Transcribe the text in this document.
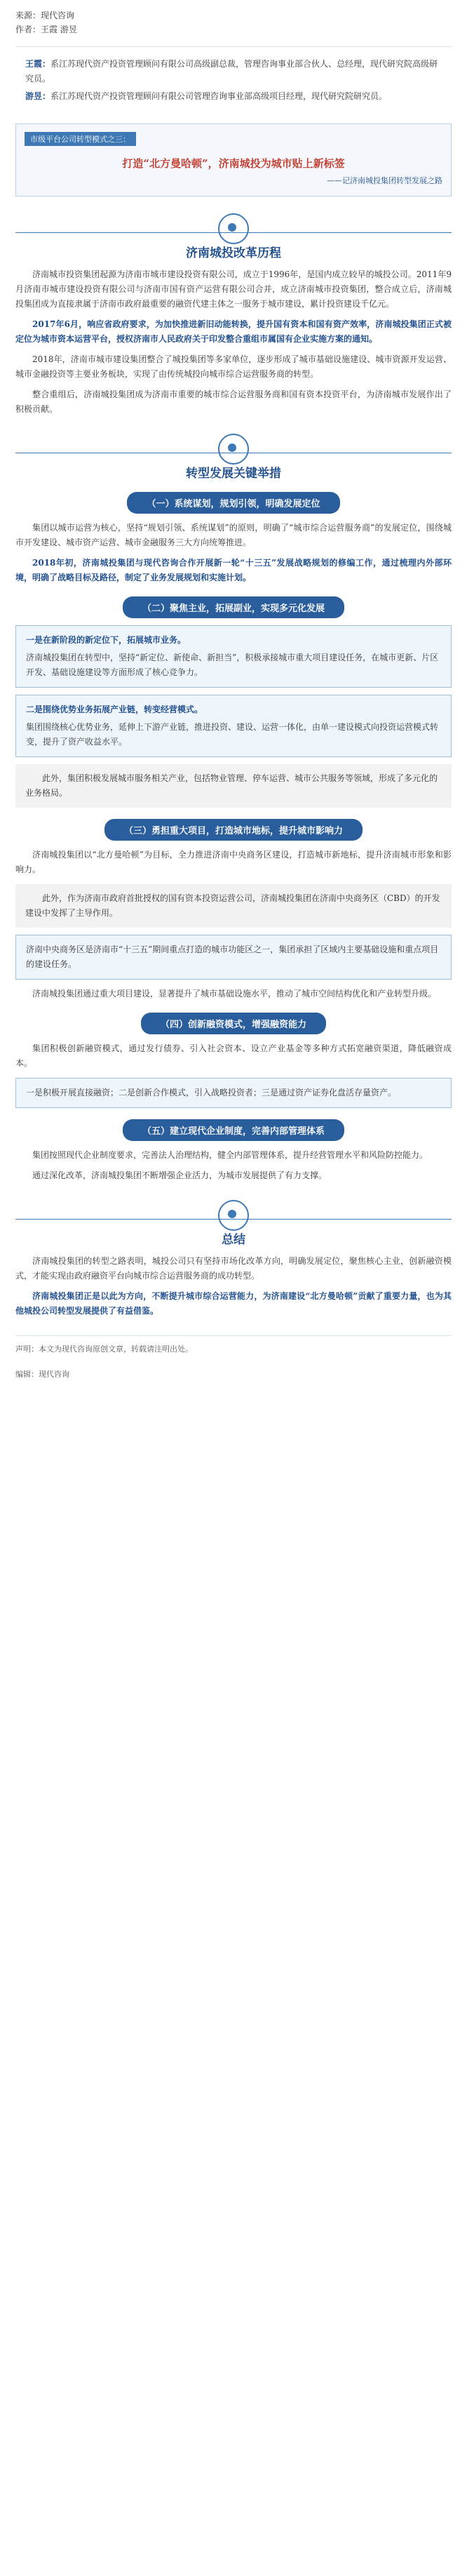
来源：现代咨询
作者：王霞 游昱

王霞：系江苏现代资产投资管理顾问有限公司高级副总裁，管理咨询事业部合伙人、总经理，现代研究院高级研究员。

游昱：系江苏现代资产投资管理顾问有限公司管理咨询事业部高级项目经理，现代研究院研究员。

市级平台公司转型模式之三：
打造“北方曼哈顿”，济南城投为城市贴上新标签
——记济南城投集团转型发展之路
济南城投改革历程

济南城市投资集团起源为济南市城市建设投资有限公司，成立于1996年，是国内成立较早的城投公司。2011年9月济南市城市建设投资有限公司与济南市国有资产运营有限公司合并，成立济南城市投资集团，整合成立后，济南城投集团成为直接隶属于济南市政府最重要的融资代建主体之一服务于城市建设，累计投资建设千亿元。

2017年6月，响应省政府要求，为加快推进新旧动能转换，提升国有资本和国有资产效率，济南城投集团正式被定位为城市资本运营平台，授权济南市人民政府关于印发整合重组市属国有企业实施方案的通知。

2018年，济南市城市建设集团整合了城投集团等多家单位，逐步形成了城市基础设施建设、城市资源开发运营、城市金融投资等主要业务板块，实现了由传统城投向城市综合运营服务商的转型。

整合重组后，济南城投集团成为济南市重要的城市综合运营服务商和国有资本投资平台，为济南城市发展作出了积极贡献。

转型发展关键举措
（一）系统谋划，规划引领，明确发展定位

集团以城市运营为核心，坚持“规划引领、系统谋划”的原则，明确了“城市综合运营服务商”的发展定位，围绕城市开发建设、城市资产运营、城市金融服务三大方向统筹推进。

2018年初，济南城投集团与现代咨询合作开展新一轮“十三五”发展战略规划的修编工作，通过梳理内外部环境，明确了战略目标及路径，制定了业务发展规划和实施计划。

（二）聚焦主业，拓展副业，实现多元化发展
一是在新阶段的新定位下，拓展城市业务。
济南城投集团在转型中，坚持“新定位、新使命、新担当”，积极承接城市重大项目建设任务，在城市更新、片区开发、基础设施建设等方面形成了核心竞争力。
二是围绕优势业务拓展产业链，转变经营模式。
集团围绕核心优势业务，延伸上下游产业链，推进投资、建设、运营一体化，由单一建设模式向投资运营模式转变，提升了资产收益水平。
此外，集团积极发展城市服务相关产业，包括物业管理、停车运营、城市公共服务等领域，形成了多元化的业务格局。
（三）勇担重大项目，打造城市地标，提升城市影响力

济南城投集团以“北方曼哈顿”为目标，全力推进济南中央商务区建设，打造城市新地标，提升济南城市形象和影响力。

此外，作为济南市政府首批授权的国有资本投资运营公司，济南城投集团在济南中央商务区（CBD）的开发建设中发挥了主导作用。
济南中央商务区是济南市“十三五”期间重点打造的城市功能区之一，集团承担了区域内主要基础设施和重点项目的建设任务。

济南城投集团通过重大项目建设，显著提升了城市基础设施水平，推动了城市空间结构优化和产业转型升级。

（四）创新融资模式，增强融资能力

集团积极创新融资模式，通过发行债券、引入社会资本、设立产业基金等多种方式拓宽融资渠道，降低融资成本。

一是积极开展直接融资；二是创新合作模式，引入战略投资者；三是通过资产证券化盘活存量资产。
（五）建立现代企业制度，完善内部管理体系

集团按照现代企业制度要求，完善法人治理结构，健全内部管理体系，提升经营管理水平和风险防控能力。

通过深化改革，济南城投集团不断增强企业活力，为城市发展提供了有力支撑。

总结

济南城投集团的转型之路表明，城投公司只有坚持市场化改革方向，明确发展定位，聚焦核心主业，创新融资模式，才能实现由政府融资平台向城市综合运营服务商的成功转型。

济南城投集团正是以此为方向，不断提升城市综合运营能力，为济南建设“北方曼哈顿”贡献了重要力量，也为其他城投公司转型发展提供了有益借鉴。

声明：本文为现代咨询原创文章，转载请注明出处。
编辑：现代咨询
